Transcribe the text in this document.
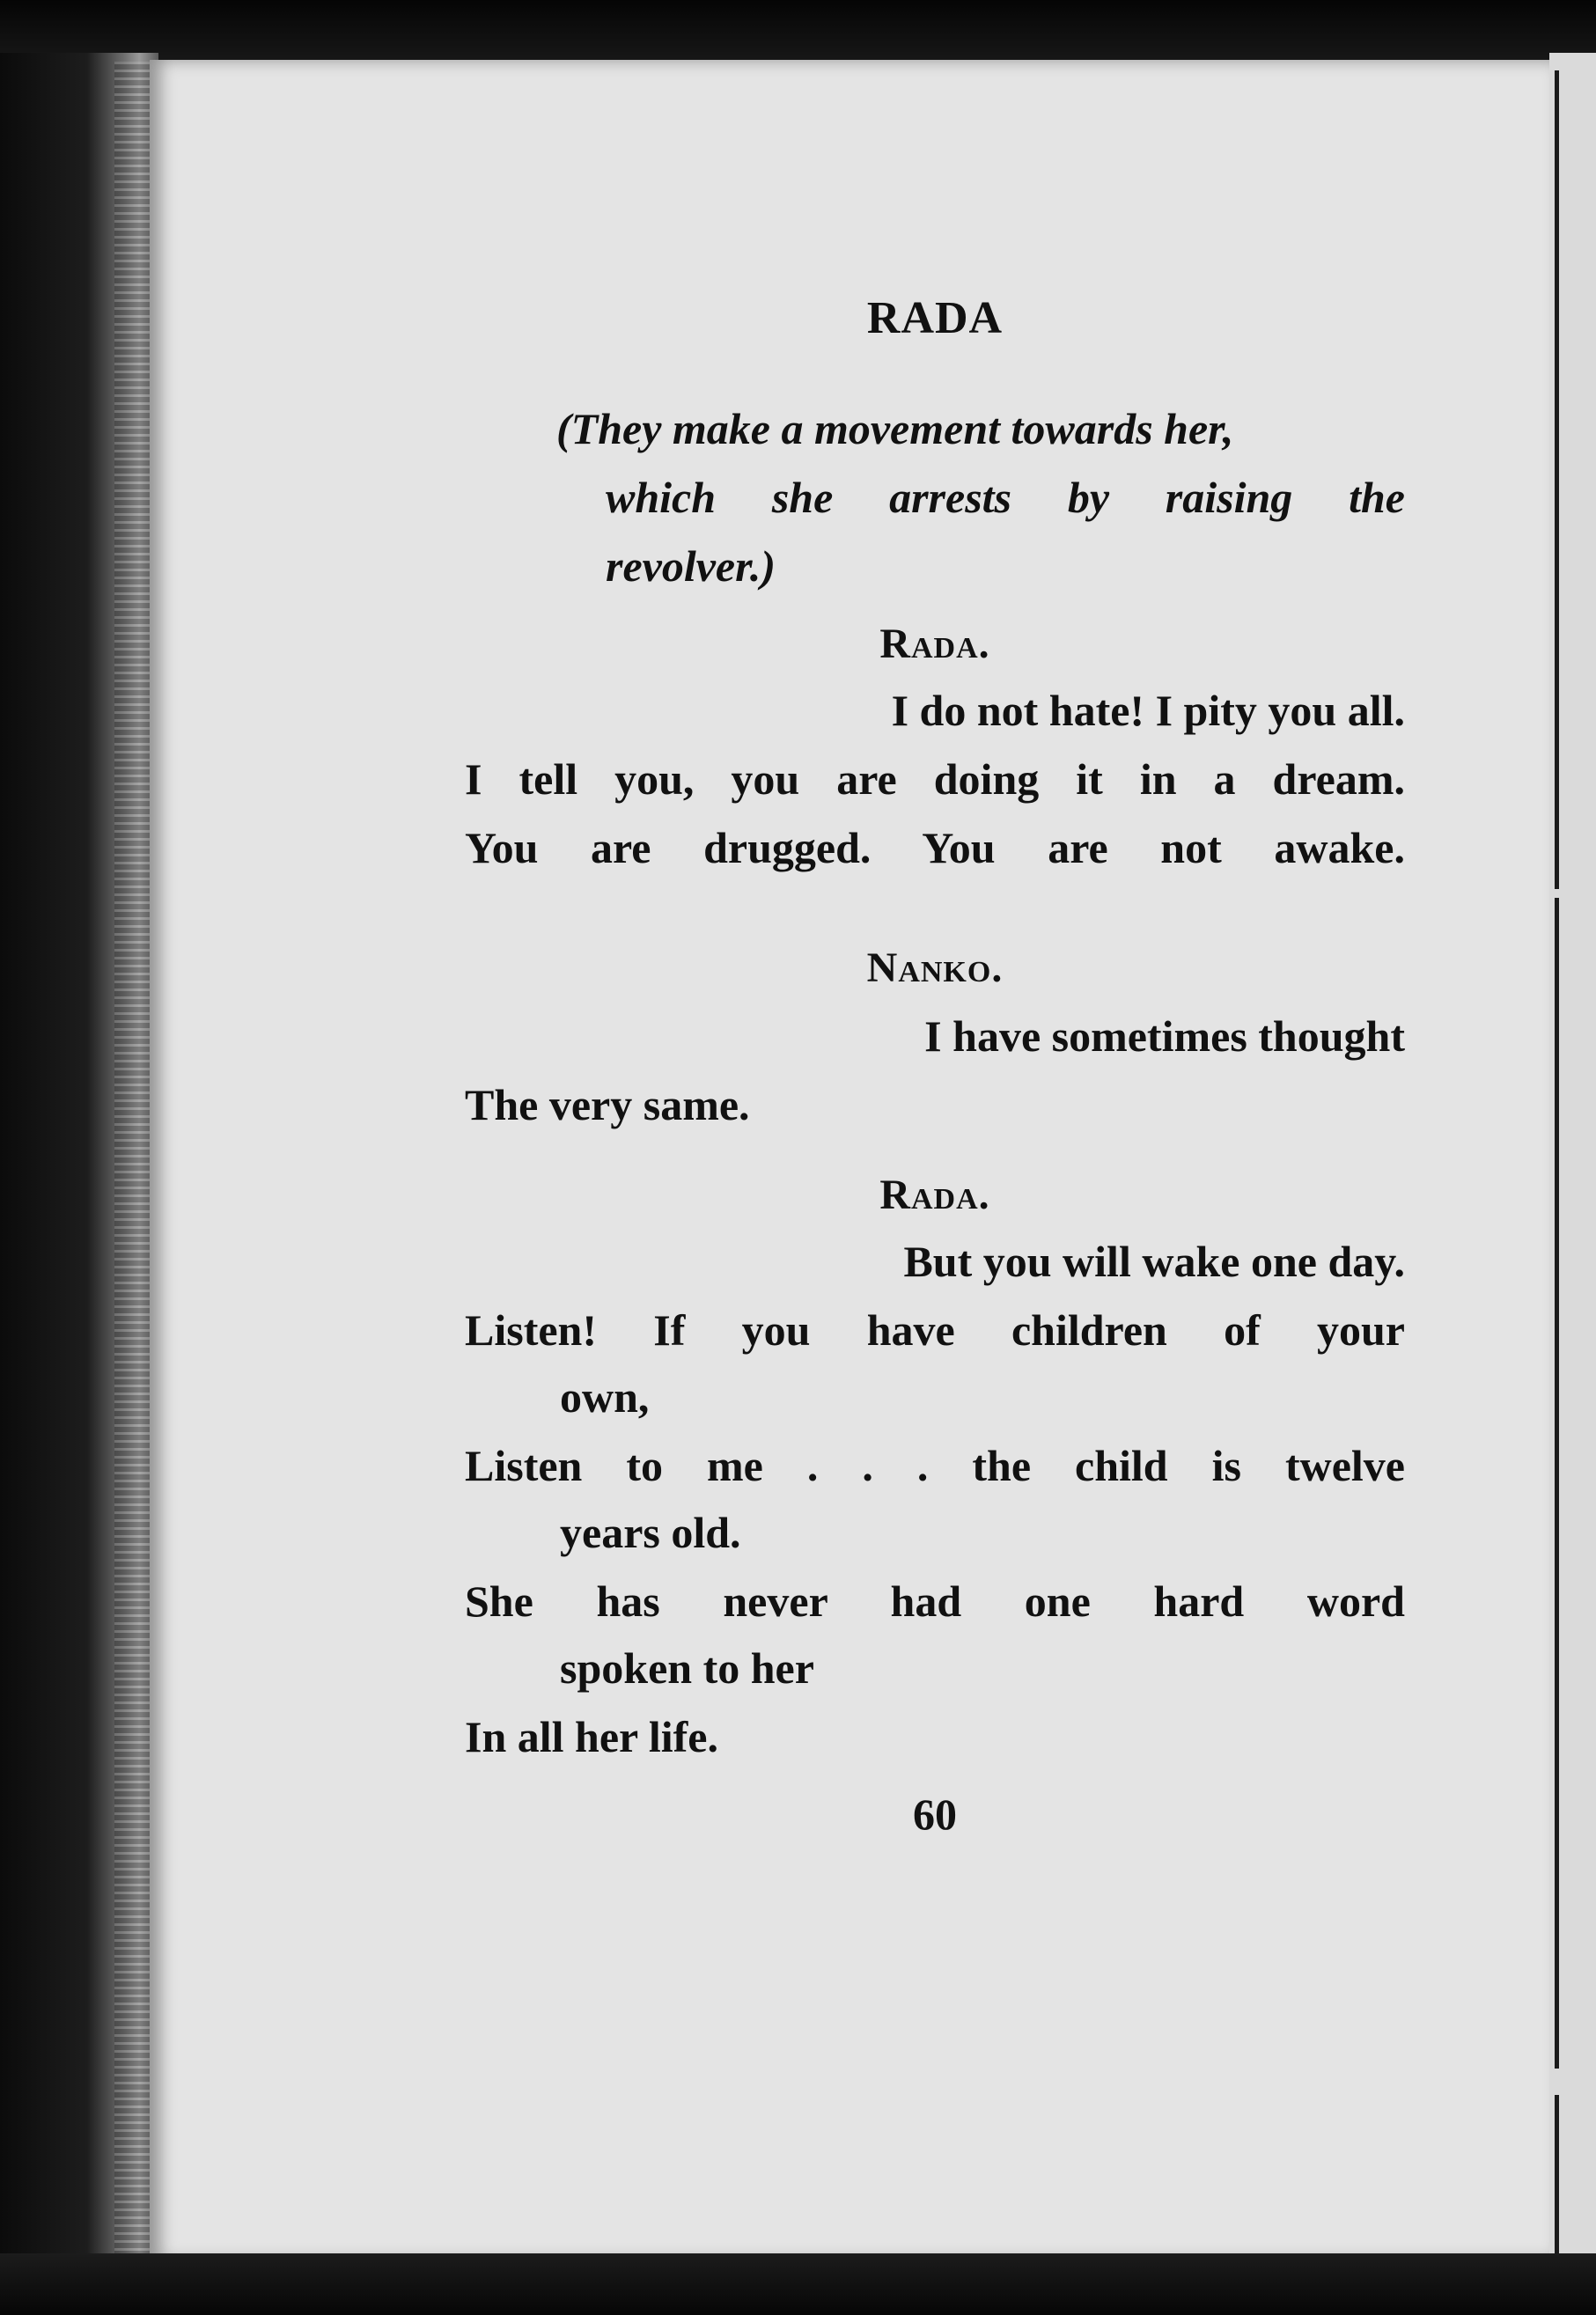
RADA
(They make a movement towards her,
which she arrests by raising the
revolver.)
Rada.
I do not hate! I pity you all.
I tell you, you are doing it in a dream.
You are drugged. You are not awake.
Nanko.
I have sometimes thought
The very same.
Rada.
But you will wake one day.
Listen! If you have children of your
own,
Listen to me . . . the child is twelve
years old.
She has never had one hard word
spoken to her
In all her life.
60
